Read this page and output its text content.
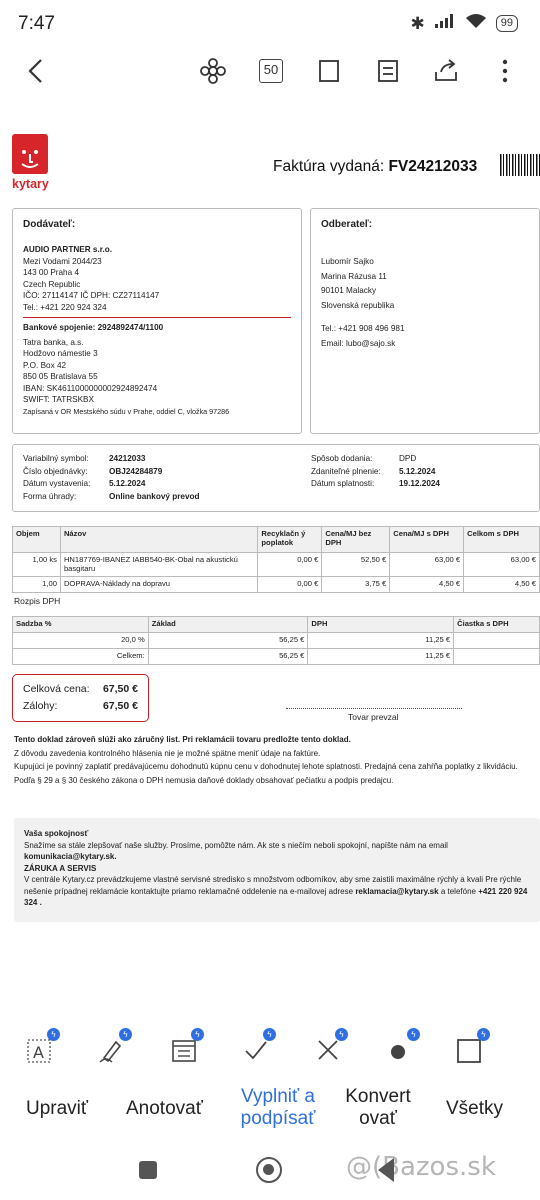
7:47	✱	99
50
kytary
Faktúra vydaná: FV24212033
Dodávateľ:
AUDIO PARTNER s.r.o.
Mezi Vodami 2044/23
143 00 Praha 4
Czech Republic
IČO: 27114147 IČ DPH: CZ27114147
Tel.: +421 220 924 324
Bankové spojenie: 2924892474/1100
Tatra banka, a.s.
Hodžovo námestie 3
P.O. Box 42
850 05 Bratislava 55
IBAN: SK4611000000002924892474
SWIFT: TATRSKBX
Zapísaná v OR Mestského súdu v Prahe, oddiel C, vložka 97286
Odberateľ:
Lubomír Sajko
Marina Rázusa 11
90101 Malacky
Slovenská republika
Tel.: +421 908 496 981
Email: lubo@sajo.sk
Variabilný symbol:	24212033
Číslo objednávky:	OBJ24284879
Dátum vystavenia:	5.12.2024
Forma úhrady:	Online bankový prevod
Spôsob dodania:	DPD
Zdaniteľné plnenie:	5.12.2024
Dátum splatnosti:	19.12.2024
Objem	Názov	Recyklačn ý poplatok	Cena/MJ bez DPH	Cena/MJ s DPH	Celkom s DPH
1,00 ks	HN187769-IBANEZ IABB540-BK-Obal na akustickú basgitaru	0,00 €	52,50 €	63,00 €	63,00 €
1,00	DOPRAVA-Náklady na dopravu	0,00 €	3,75 €	4,50 €	4,50 €
Rozpis DPH
Sadzba %	Základ	DPH	Čiastka s DPH
20,0 %	56,25 €	11,25 €	
Celkem:	56,25 €	11,25 €	
Celková cena: 67,50 €
Zálohy:	67,50 €
Tovar prevzal
Tento doklad zároveň slúži ako záručný list. Pri reklamácii tovaru predložte tento doklad.
Z dôvodu zavedenia kontrolného hlásenia nie je možné spätne meniť údaje na faktúre.
Kupujúci je povinný zaplatiť predávajúcemu dohodnutú kúpnu cenu v dohodnutej lehote splatnosti. Predajná cena zahŕňa poplatky z likvidáciu.
Podľa § 29 a § 30 českého zákona o DPH nemusia daňové doklady obsahovať pečiatku a podpis predajcu.
Vaša spokojnosť
Snažíme sa stále zlepšovať naše služby. Prosíme, pomôžte nám. Ak ste s niečím neboli spokojní, napíšte nám na email komunikacia@kytary.sk.
ZÁRUKA A SERVIS
V centrále Kytary.cz prevádzkujeme vlastné servisné stredisko s množstvom odborníkov, aby sme zaistili maximálne rýchly a kvali Pre rýchle nešenie prípadnej reklamácie kontaktujte priamo reklamačné oddelenie na e-mailovej adrese reklamacia@kytary.sk a telefóne +421 220 924 324 .
A
ϟ	ϟ	ϟ	ϟ	ϟ	ϟ	ϟ
Upraviť Anotovať
Vyplniť a podpísať
Konvert ovať	Všetky
@(Bazos.sk
